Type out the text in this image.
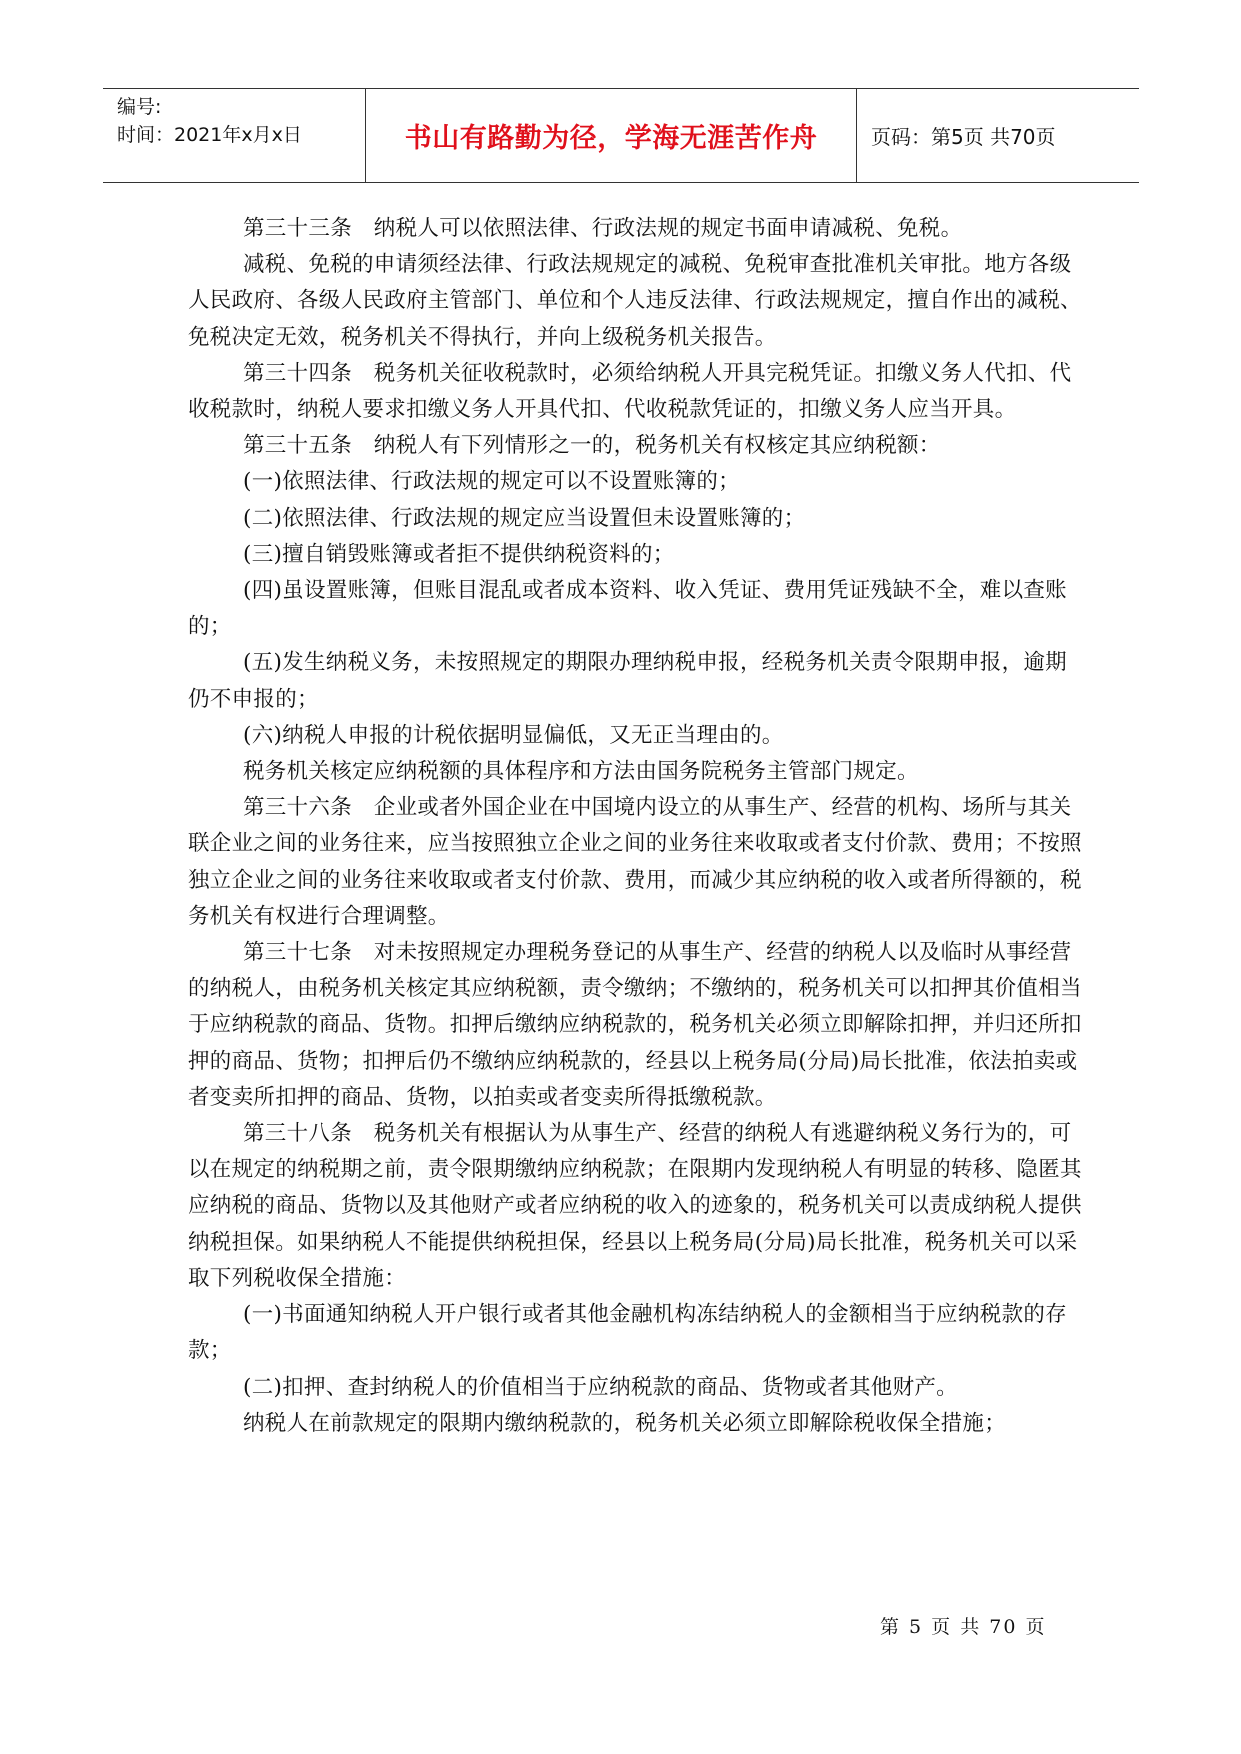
编号:
时间：2021年x月x日	书山有路勤为径，学海无涯苦作舟	页码：第5页 共70页

第三十三条　纳税人可以依照法律、行政法规的规定书面申请减税、免税。

减税、免税的申请须经法律、行政法规规定的减税、免税审查批准机关审批。地方各级人民政府、各级人民政府主管部门、单位和个人违反法律、行政法规规定，擅自作出的减税、免税决定无效，税务机关不得执行，并向上级税务机关报告。

第三十四条　税务机关征收税款时，必须给纳税人开具完税凭证。扣缴义务人代扣、代收税款时，纳税人要求扣缴义务人开具代扣、代收税款凭证的，扣缴义务人应当开具。

第三十五条　纳税人有下列情形之一的，税务机关有权核定其应纳税额：

(一)依照法律、行政法规的规定可以不设置账簿的；

(二)依照法律、行政法规的规定应当设置但未设置账簿的；

(三)擅自销毁账簿或者拒不提供纳税资料的；

(四)虽设置账簿，但账目混乱或者成本资料、收入凭证、费用凭证残缺不全，难以查账的；

(五)发生纳税义务，未按照规定的期限办理纳税申报，经税务机关责令限期申报，逾期仍不申报的；

(六)纳税人申报的计税依据明显偏低，又无正当理由的。

税务机关核定应纳税额的具体程序和方法由国务院税务主管部门规定。

第三十六条　企业或者外国企业在中国境内设立的从事生产、经营的机构、场所与其关联企业之间的业务往来，应当按照独立企业之间的业务往来收取或者支付价款、费用；不按照独立企业之间的业务往来收取或者支付价款、费用，而减少其应纳税的收入或者所得额的，税务机关有权进行合理调整。

第三十七条　对未按照规定办理税务登记的从事生产、经营的纳税人以及临时从事经营的纳税人，由税务机关核定其应纳税额，责令缴纳；不缴纳的，税务机关可以扣押其价值相当于应纳税款的商品、货物。扣押后缴纳应纳税款的，税务机关必须立即解除扣押，并归还所扣押的商品、货物；扣押后仍不缴纳应纳税款的，经县以上税务局(分局)局长批准，依法拍卖或者变卖所扣押的商品、货物，以拍卖或者变卖所得抵缴税款。

第三十八条　税务机关有根据认为从事生产、经营的纳税人有逃避纳税义务行为的，可以在规定的纳税期之前，责令限期缴纳应纳税款；在限期内发现纳税人有明显的转移、隐匿其应纳税的商品、货物以及其他财产或者应纳税的收入的迹象的，税务机关可以责成纳税人提供纳税担保。如果纳税人不能提供纳税担保，经县以上税务局(分局)局长批准，税务机关可以采取下列税收保全措施：

(一)书面通知纳税人开户银行或者其他金融机构冻结纳税人的金额相当于应纳税款的存款；

(二)扣押、查封纳税人的价值相当于应纳税款的商品、货物或者其他财产。

纳税人在前款规定的限期内缴纳税款的，税务机关必须立即解除税收保全措施；

第 5 页 共 70 页
